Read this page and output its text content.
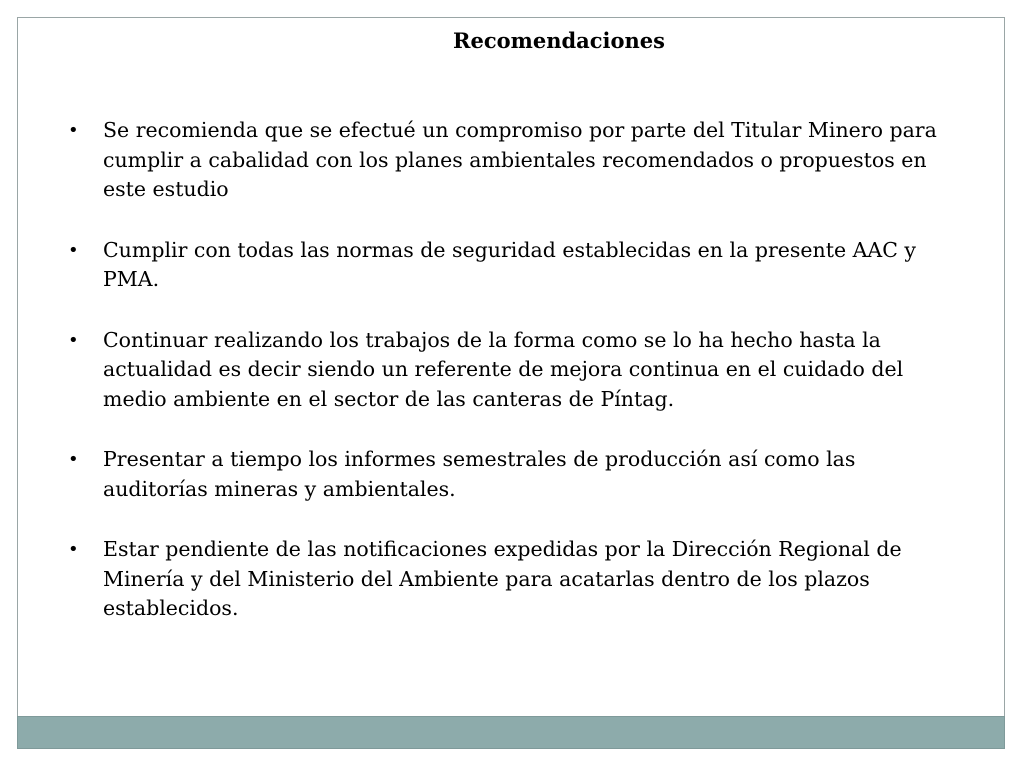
Recomendaciones
• Se recomienda que se efectué un compromiso por parte del Titular Minero para cumplir a cabalidad con los planes ambientales recomendados o propuestos en este estudio
• Cumplir con todas las normas de seguridad establecidas en la presente AAC y PMA.
• Continuar realizando los trabajos de la forma como se lo ha hecho hasta la actualidad es decir siendo un referente de mejora continua en el cuidado del medio ambiente en el sector de las canteras de Píntag.
• Presentar a tiempo los informes semestrales de producción así como las auditorías mineras y ambientales.
• Estar pendiente de las notificaciones expedidas por la Dirección Regional de Minería y del Ministerio del Ambiente para acatarlas dentro de los plazos establecidos.
